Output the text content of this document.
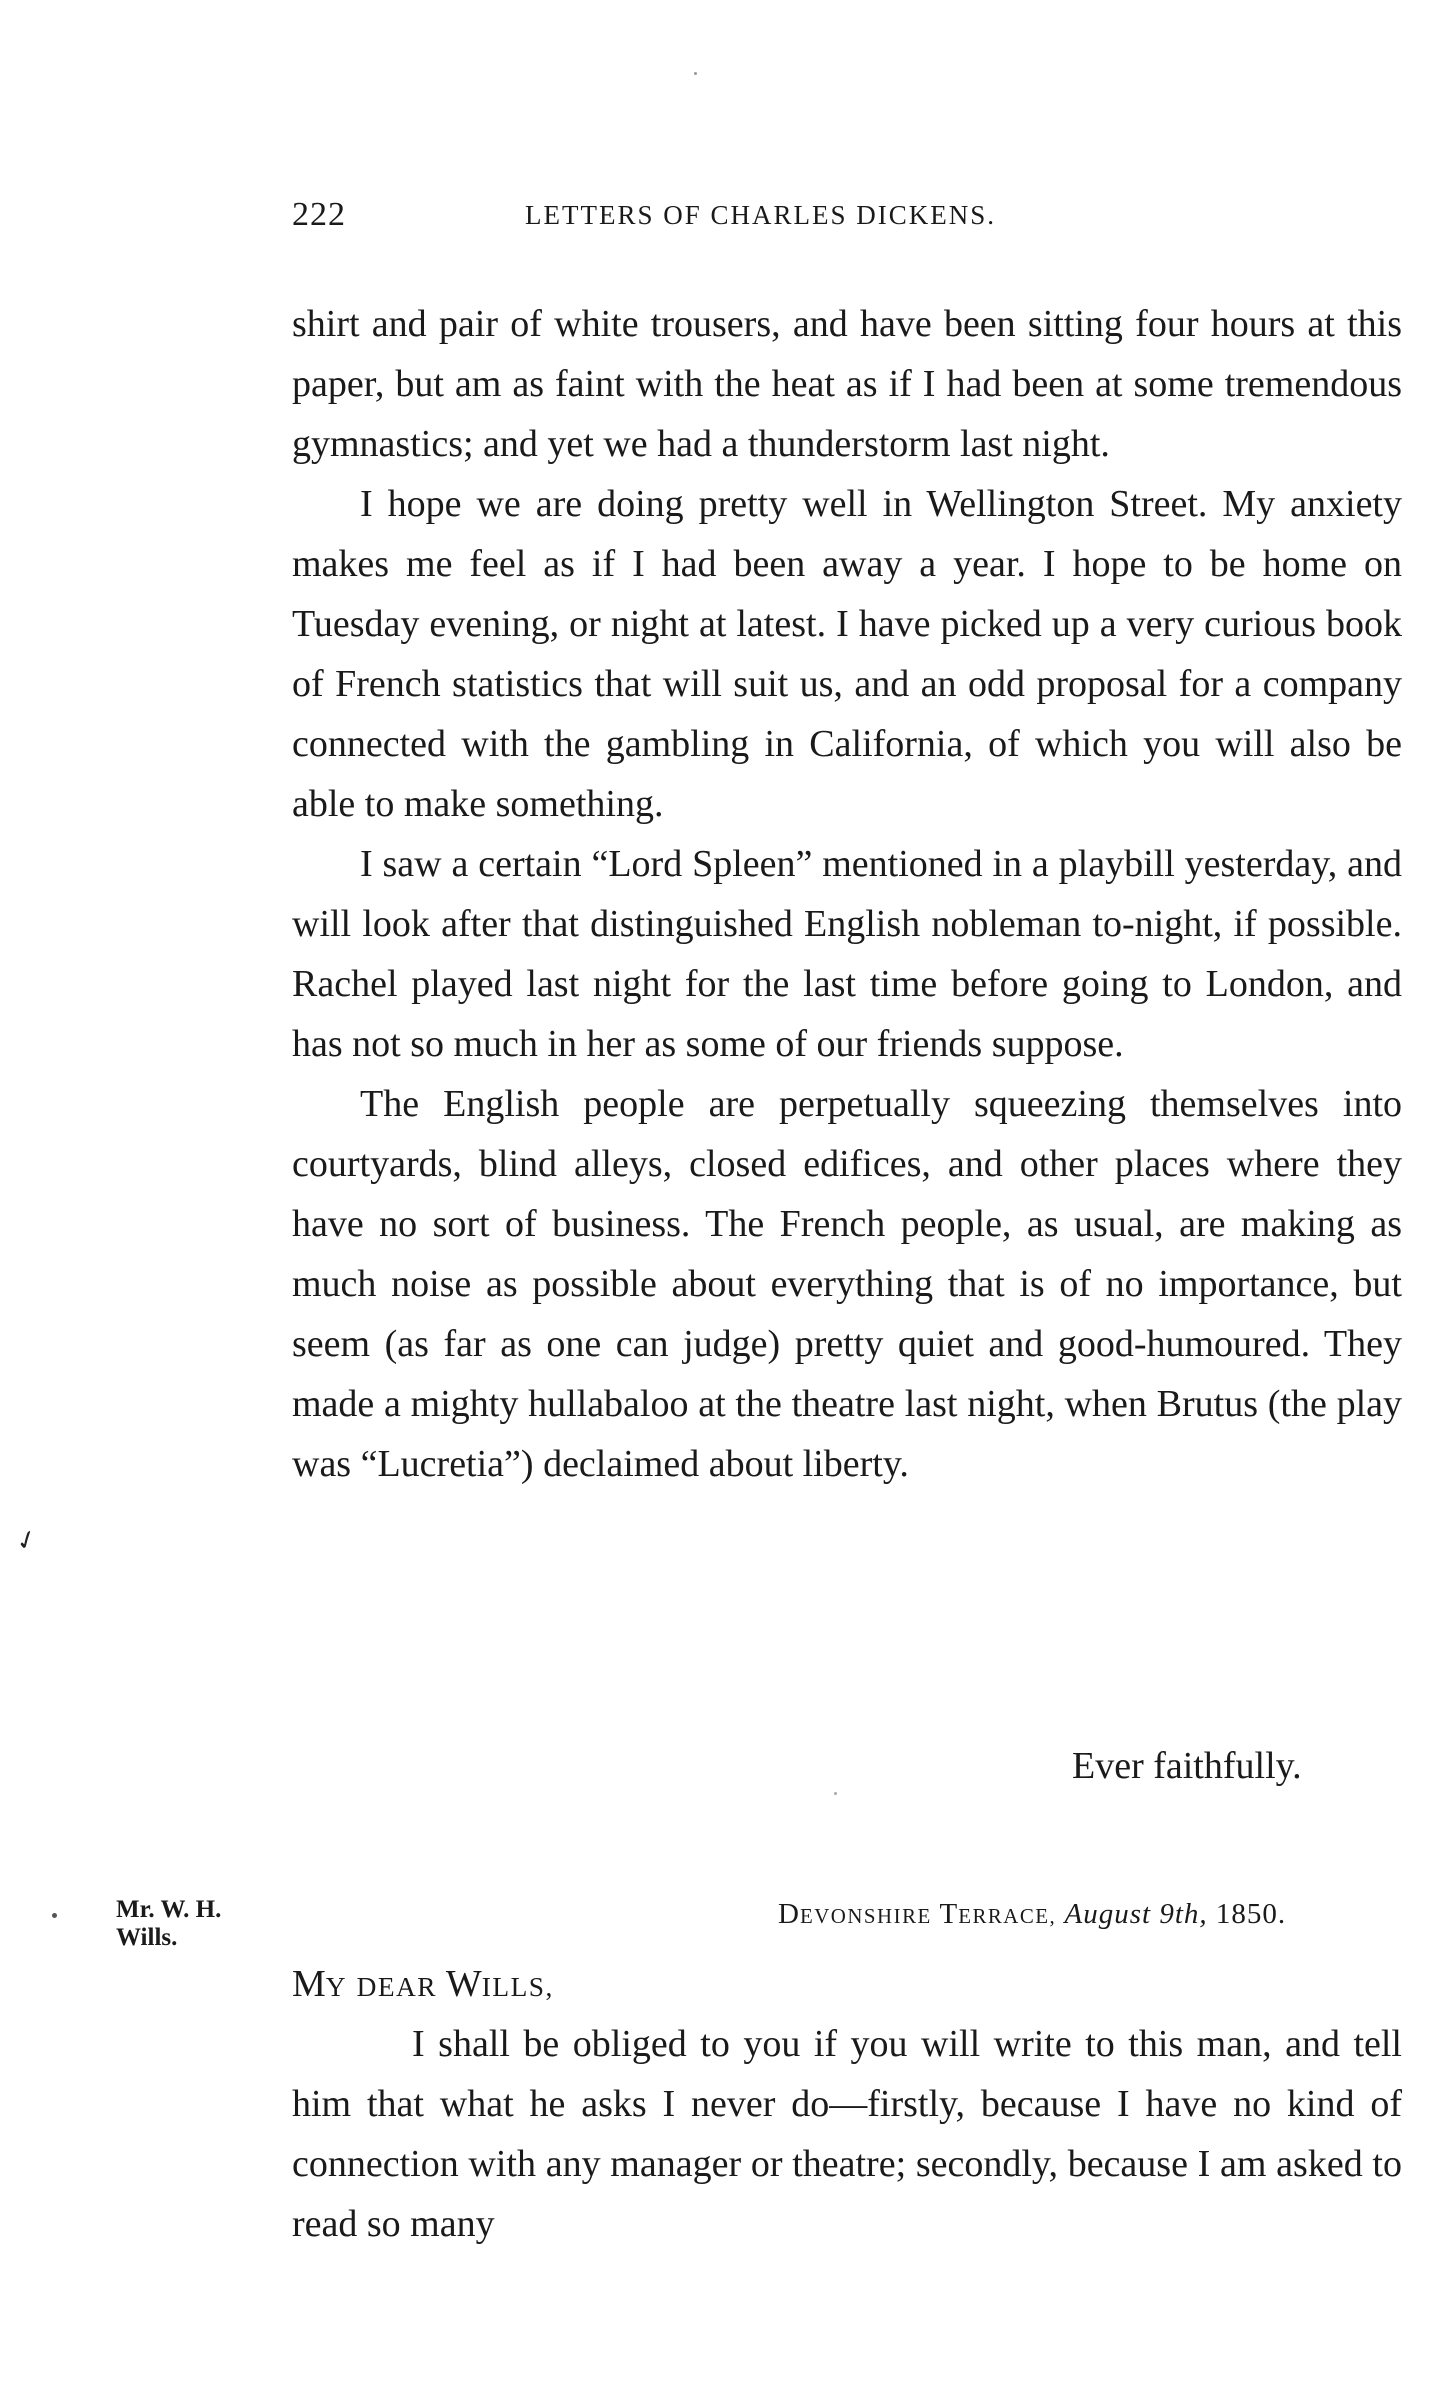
222	LETTERS OF CHARLES DICKENS.

shirt and pair of white trousers, and have been sitting four hours at this paper, but am as faint with the heat as if I had been at some tremendous gymnastics; and yet we had a thunderstorm last night.

I hope we are doing pretty well in Wellington Street. My anxiety makes me feel as if I had been away a year. I hope to be home on Tuesday evening, or night at latest. I have picked up a very curious book of French statistics that will suit us, and an odd proposal for a company connected with the gambling in California, of which you will also be able to make something.

I saw a certain “Lord Spleen” mentioned in a playbill yesterday, and will look after that distinguished English nobleman to-night, if possible. Rachel played last night for the last time before going to London, and has not so much in her as some of our friends suppose.

The English people are perpetually squeezing themselves into courtyards, blind alleys, closed edifices, and other places where they have no sort of business. The French people, as usual, are making as much noise as possible about everything that is of no importance, but seem (as far as one can judge) pretty quiet and good-humoured. They made a mighty hullabaloo at the theatre last night, when Brutus (the play was “Lucretia”) declaimed about liberty.

Ever faithfully.
✓
Mr. W. H.
Wills.
DEVONSHIRE TERRACE, August 9th, 1850.
MY DEAR WILLS,

I shall be obliged to you if you will write to this man, and tell him that what he asks I never do—firstly, because I have no kind of connection with any manager or theatre; secondly, because I am asked to read so many
